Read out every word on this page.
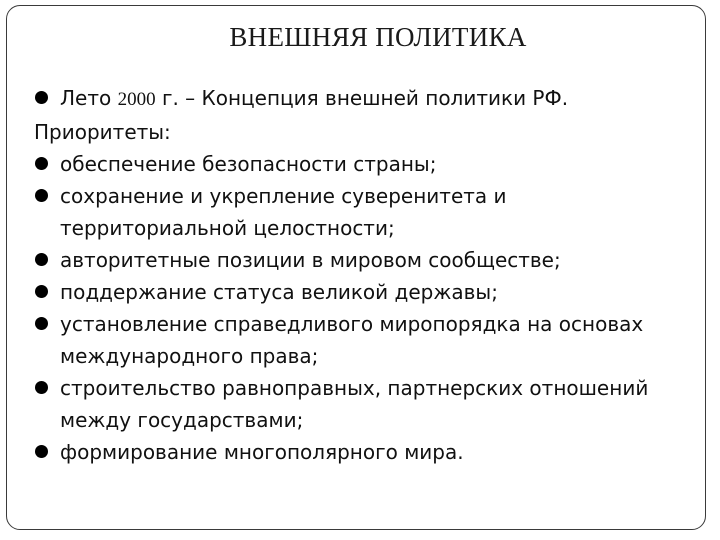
ВНЕШНЯЯ ПОЛИТИКА

Лето 2000 г. – Концепция внешней политики РФ.

Приоритеты:

обеспечение безопасности страны;

сохранение и укрепление суверенитета и территориальной целостности;

авторитетные позиции в мировом сообществе;

поддержание статуса великой державы;

установление справедливого миропорядка на основах международного права;

строительство равноправных, партнерских отношений между государствами;

формирование многополярного мира.
